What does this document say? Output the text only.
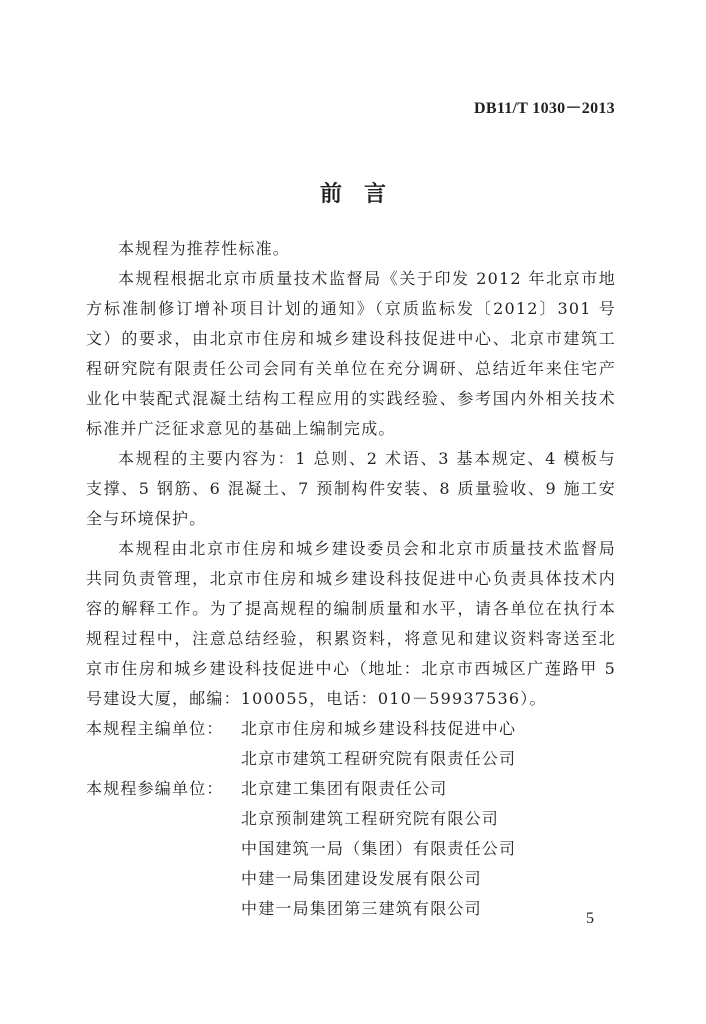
DB11/T 1030－2013
前言

本规程为推荐性标准。

本规程根据北京市质量技术监督局《关于印发 2012 年北京市地方标准制修订增补项目计划的通知》（京质监标发〔2012〕301 号文）的要求，由北京市住房和城乡建设科技促进中心、北京市建筑工程研究院有限责任公司会同有关单位在充分调研、总结近年来住宅产业化中装配式混凝土结构工程应用的实践经验、参考国内外相关技术标准并广泛征求意见的基础上编制完成。

本规程的主要内容为：1 总则、2 术语、3 基本规定、4 模板与支撑、5 钢筋、6 混凝土、7 预制构件安装、8 质量验收、9 施工安全与环境保护。

本规程由北京市住房和城乡建设委员会和北京市质量技术监督局共同负责管理，北京市住房和城乡建设科技促进中心负责具体技术内容的解释工作。为了提高规程的编制质量和水平，请各单位在执行本规程过程中，注意总结经验，积累资料，将意见和建议资料寄送至北京市住房和城乡建设科技促进中心（地址：北京市西城区广莲路甲 5 号建设大厦，邮编：100055，电话：010－59937536）。

本规程主编单位：	北京市住房和城乡建设科技促进中心
北京市建筑工程研究院有限责任公司
本规程参编单位：	北京建工集团有限责任公司
北京预制建筑工程研究院有限公司
中国建筑一局（集团）有限责任公司
中建一局集团建设发展有限公司
中建一局集团第三建筑有限公司
5
